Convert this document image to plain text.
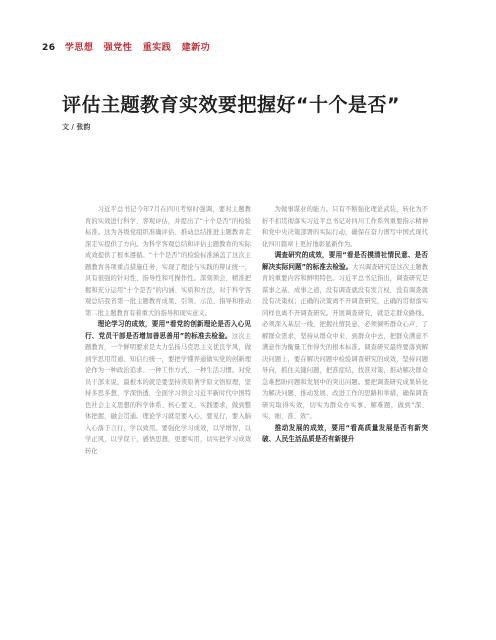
26 学思想 强党性 重实践 建新功
评估主题教育实效要把握好“十个是否”
文 / 张韵

习近平总书记今年7月在四川考察时强调，要对主题教育的实效进行科学、客观评估，并提出了“十个是否”的检验标准。这为各级党组织准确评估、推动总结推进主题教育走深走实提供了方向。为科学客观总结和评估主题教育的实际成效提供了根本遵循。“十个是否”的检验标准涵盖了这次主题教育各项重点措施任务，实现了理论与实践的辩证统一，具有很强的针对性、指导性和可操作性。深刻领会、精准把握和充分运用“十个是否”的内涵、实质和方法，对于科学客观总结我省第一批主题教育成果、引领、示范、指导和推动第二批主题教育有着重大的指导和现实意义。

理论学习的成效，要用“看党的创新理论是否入心见行、党员干部是否增加善思善用”的标准去检验。这次主题教育，一个鲜明要求是大力弘扬马克思主义优良学风，做到学思用贯通、知信行统一，要把学懂弄通做实党的创新理论作为一种政治追求、一种工作方式、一种生活习惯。对党员干部来说，最根本的就是要坚持读原著学原文悟原理，坚持多思多想、学深悟透，全面学习领会习近平新时代中国特色社会主义思想的科学体系、核心要义、实践要求，做到整体把握，融会贯通。理论学习就是要入心，要见行，要入脑入心落于言行，学以致用。要强化学习成效，以学增智，以学正风，以学促干，感悟思想，更要实用，切实把学习成效转化

为做事谋业的能力。只有不断强化理论武装，转化为不折不扣贯彻落实习近平总书记对四川工作系列重要指示精神和党中央决策部署的实际行动，确保在奋力谱写中国式现代化四川篇章上更好地彰显新作为。

调查研究的成效，要用“看是否摸清社情民意、是否解决实际问题”的标准去检验。大兴调查研究是这次主题教育的重要内容和鲜明特色。习近平总书记指出，调查研究是谋事之基、成事之道，没有调查就没有发言权，没有调查就没有决策权；正确的决策离不开调查研究，正确的贯彻落实同样也离不开调查研究。开展调查研究，就是走群众路线。必须深入基层一线，把握社情民意，必须倾听群众心声、了解群众需求，坚持从群众中来、到群众中去，把群众满意不满意作为衡量工作得失的根本标准。调查研究最终要落到解决问题上，要在解决问题中检验调查研究的成效，坚持问题导向，抓住关键问题，把准症结，找准对策，推动解决群众急难愁盼问题和发展中的突出问题。要把调查研究成果转化为解决问题、推动发展、改进工作的思路和举措，确保调查研究取得实效，切实为群众办实事、解难题，做到“深、实、细、准、效”。

推动发展的成效，要用“看高质量发展是否有新突破、人民生活品质是否有新提升
